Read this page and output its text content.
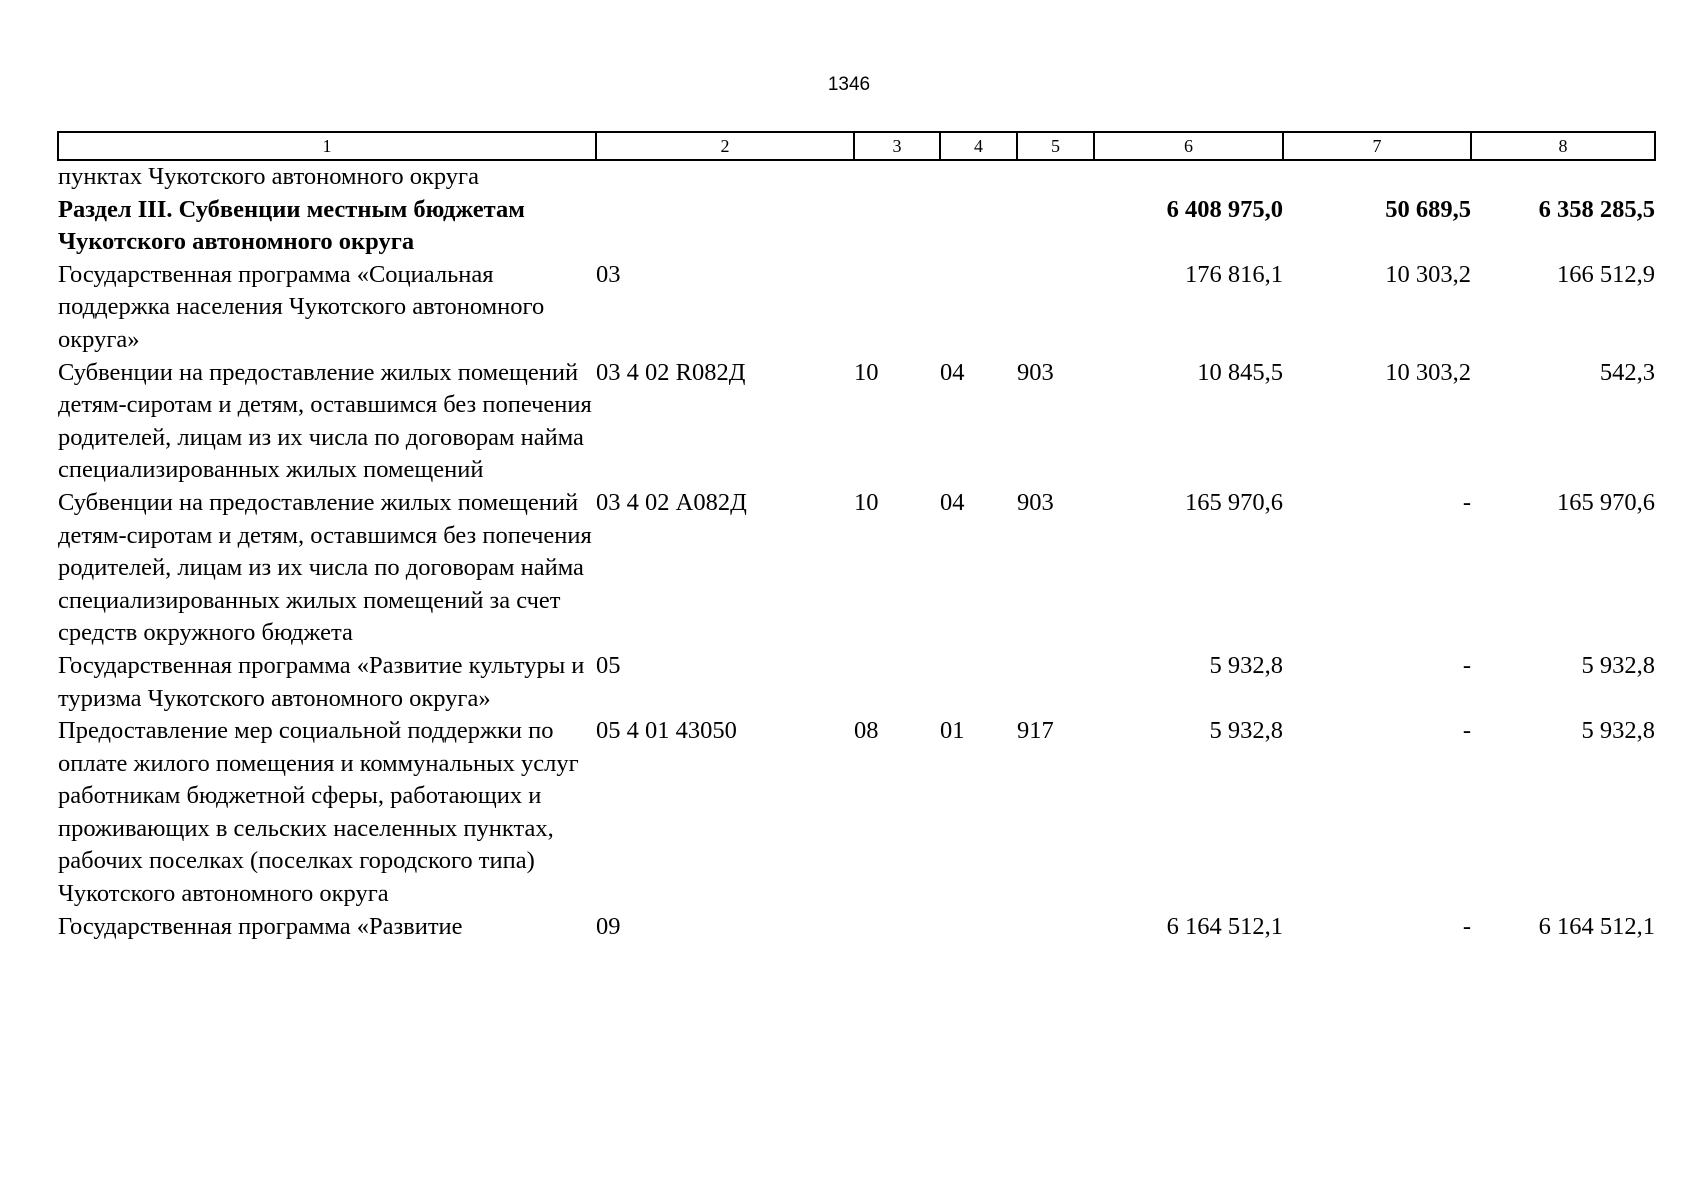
1346
1	2	3	4	5	6	7	8
пунктах Чукотского автономного округа							
Раздел III. Субвенции местным бюджетам Чукотского автономного округа					6 408 975,0	50 689,5	6 358 285,5
Государственная программа «Социальная поддержка населения Чукотского автономного округа»	03				176 816,1	10 303,2	166 512,9
Субвенции на предоставление жилых помещений детям-сиротам и детям, оставшимся без попечения родителей, лицам из их числа по договорам найма специализированных жилых помещений	03 4 02 R082Д	10	04	903	10 845,5	10 303,2	542,3
Субвенции на предоставление жилых помещений детям-сиротам и детям, оставшимся без попечения родителей, лицам из их числа по договорам найма специализированных жилых помещений за счет средств окружного бюджета	03 4 02 А082Д	10	04	903	165 970,6	-	165 970,6
Государственная программа «Развитие культуры и туризма Чукотского автономного округа»	05				5 932,8	-	5 932,8
Предоставление мер социальной поддержки по оплате жилого помещения и коммунальных услуг работникам бюджетной сферы, работающих и проживающих в сельских населенных пунктах, рабочих поселках (поселках городского типа) Чукотского автономного округа	05 4 01 43050	08	01	917	5 932,8	-	5 932,8
Государственная программа «Развитие	09				6 164 512,1	-	6 164 512,1
